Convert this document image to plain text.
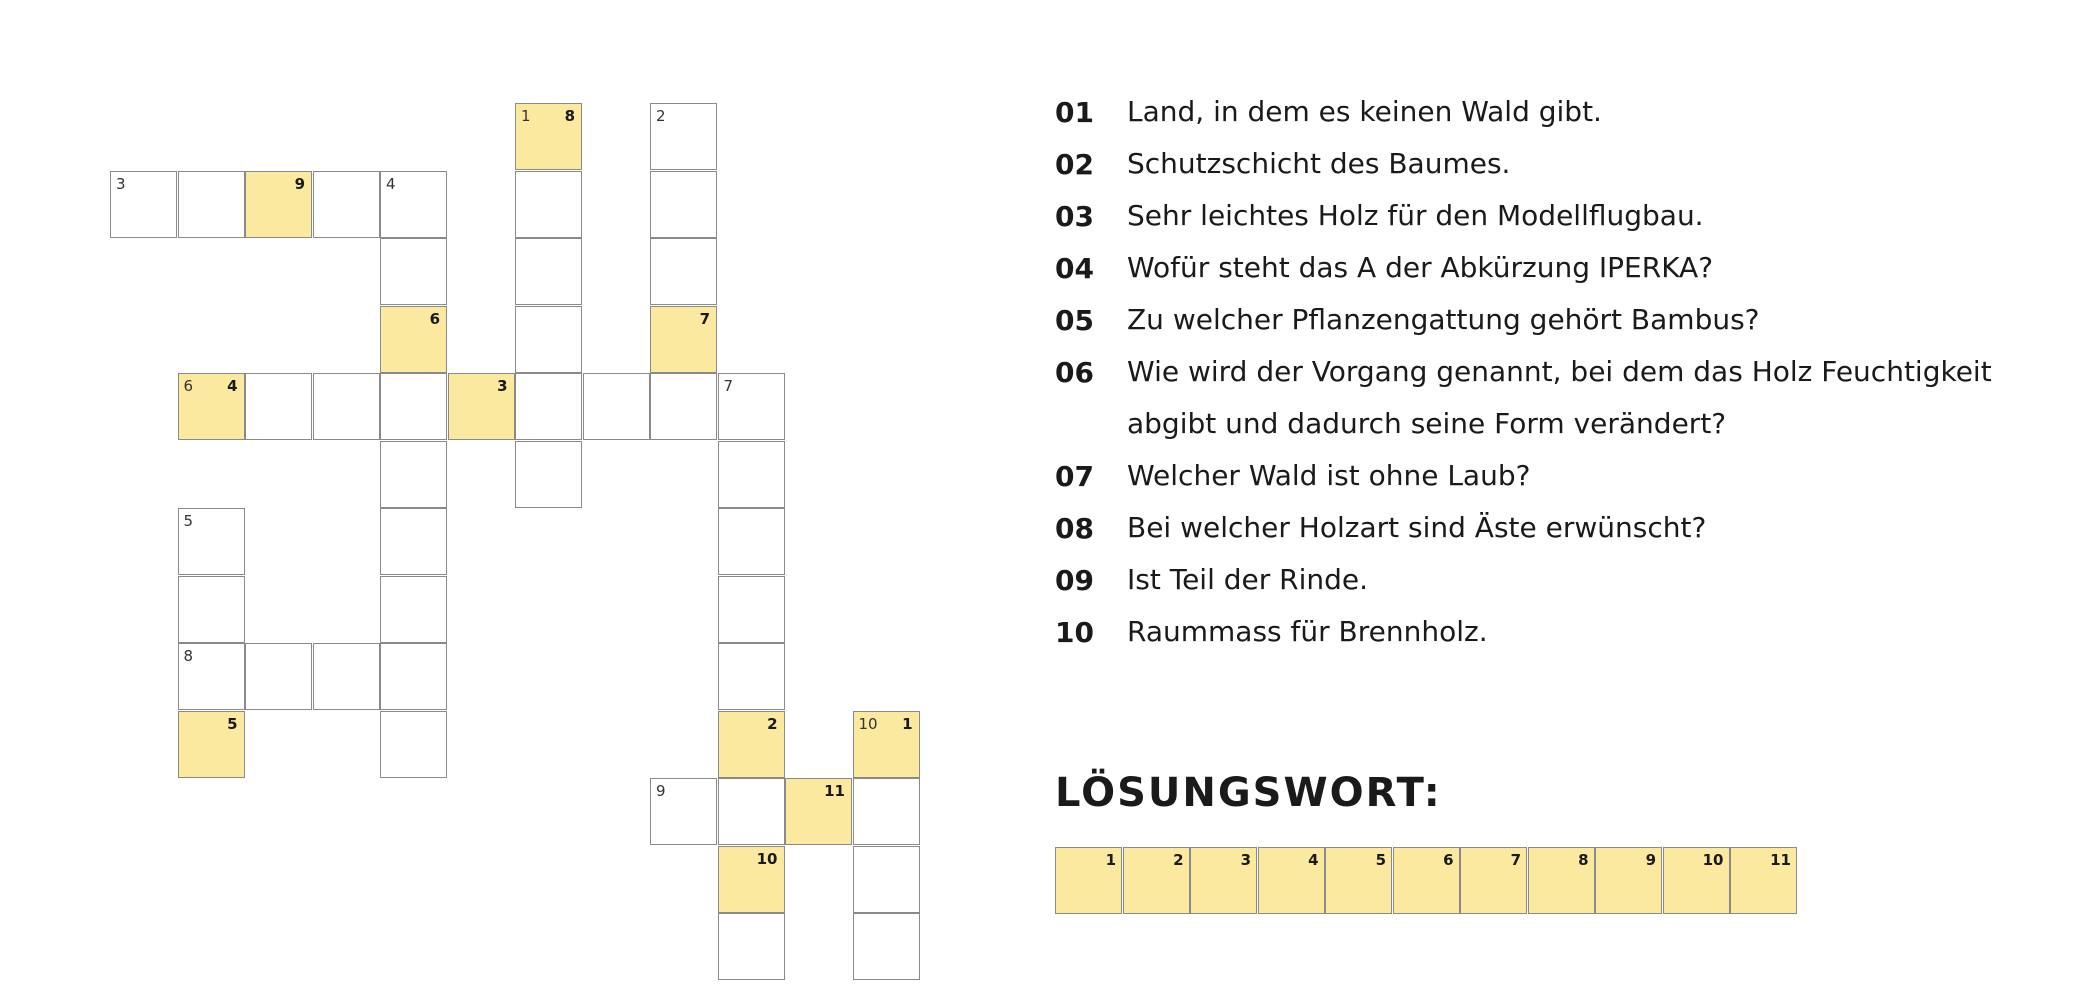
1 8	2
3	9	4
6	7
6 4	3	7
5
8
5	2	10 1
9	11
10
01	Land, in dem es keinen Wald gibt.
02	Schutzschicht des Baumes.
03	Sehr leichtes Holz für den Modellflugbau.
04	Wofür steht das A der Abkürzung IPERKA?
05	Zu welcher Pflanzengattung gehört Bambus?
06	Wie wird der Vorgang genannt, bei dem das Holz Feuchtigkeit abgibt und dadurch seine Form verändert?
07	Welcher Wald ist ohne Laub?
08	Bei welcher Holzart sind Äste erwünscht?
09	Ist Teil der Rinde.
10	Raummass für Brennholz.
LÖSUNGSWORT:
1	2	3	4	5	6	7	8	9	10	11
